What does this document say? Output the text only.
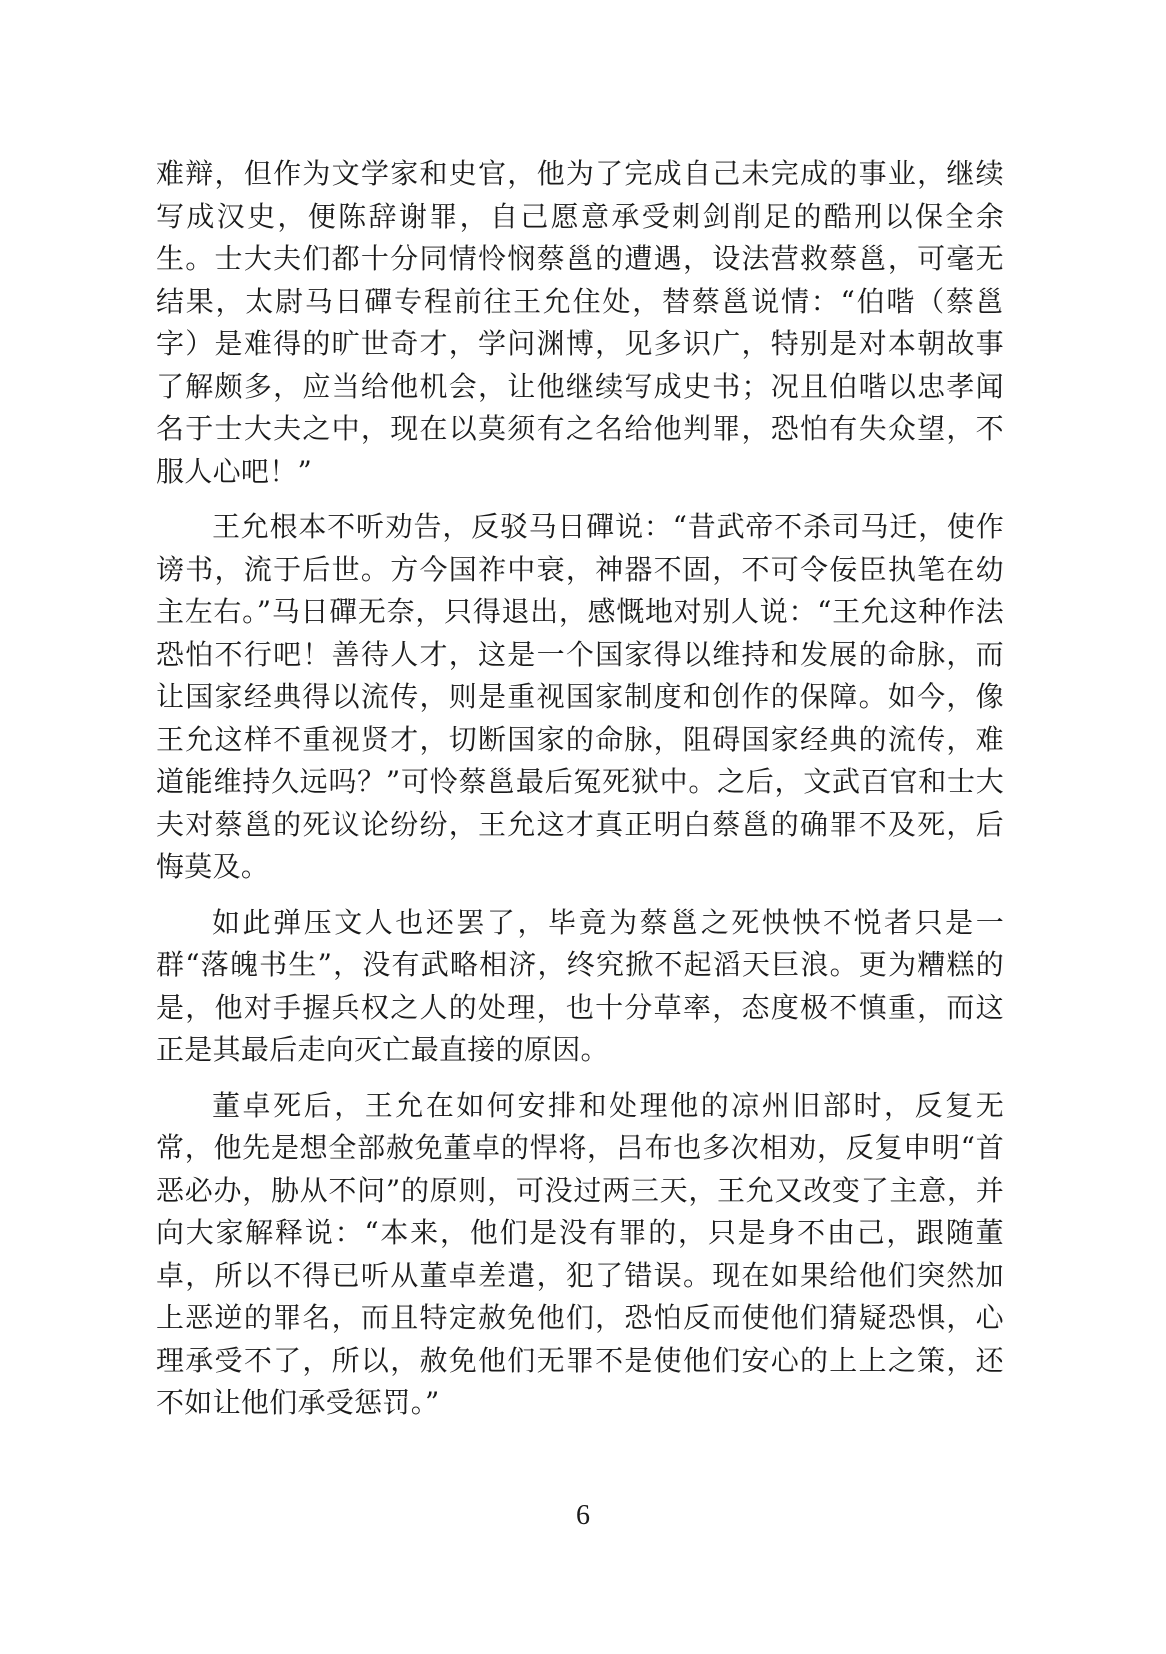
难辩，但作为文学家和史官，他为了完成自己未完成的事业，继续写成汉史，便陈辞谢罪，自己愿意承受刺剑削足的酷刑以保全余生。士大夫们都十分同情怜悯蔡邕的遭遇，设法营救蔡邕，可毫无结果，太尉马日磾专程前往王允住处，替蔡邕说情：“伯喈（蔡邕字）是难得的旷世奇才，学问渊博，见多识广，特别是对本朝故事了解颇多，应当给他机会，让他继续写成史书；况且伯喈以忠孝闻名于士大夫之中，现在以莫须有之名给他判罪，恐怕有失众望，不服人心吧！”

王允根本不听劝告，反驳马日磾说：“昔武帝不杀司马迁，使作谤书，流于后世。方今国祚中衰，神器不固，不可令佞臣执笔在幼主左右。”马日磾无奈，只得退出，感慨地对别人说：“王允这种作法恐怕不行吧！善待人才，这是一个国家得以维持和发展的命脉，而让国家经典得以流传，则是重视国家制度和创作的保障。如今，像王允这样不重视贤才，切断国家的命脉，阻碍国家经典的流传，难道能维持久远吗？”可怜蔡邕最后冤死狱中。之后，文武百官和士大夫对蔡邕的死议论纷纷，王允这才真正明白蔡邕的确罪不及死，后悔莫及。

如此弹压文人也还罢了，毕竟为蔡邕之死怏怏不悦者只是一群“落魄书生”，没有武略相济，终究掀不起滔天巨浪。更为糟糕的是，他对手握兵权之人的处理，也十分草率，态度极不慎重，而这正是其最后走向灭亡最直接的原因。

董卓死后，王允在如何安排和处理他的凉州旧部时，反复无常，他先是想全部赦免董卓的悍将，吕布也多次相劝，反复申明“首恶必办，胁从不问”的原则，可没过两三天，王允又改变了主意，并向大家解释说：“本来，他们是没有罪的，只是身不由己，跟随董卓，所以不得已听从董卓差遣，犯了错误。现在如果给他们突然加上恶逆的罪名，而且特定赦免他们，恐怕反而使他们猜疑恐惧，心理承受不了，所以，赦免他们无罪不是使他们安心的上上之策，还不如让他们承受惩罚。”

6
